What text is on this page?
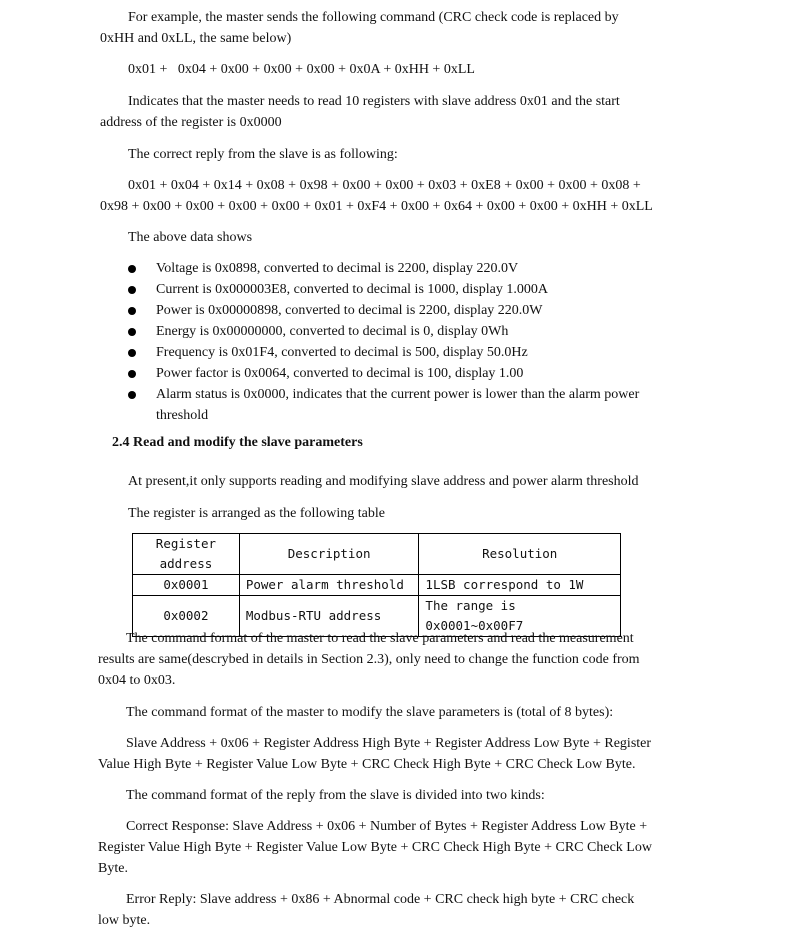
For example, the master sends the following command (CRC check code is replaced by

0xHH and 0xLL, the same below)

0x01 +   0x04 + 0x00 + 0x00 + 0x00 + 0x0A + 0xHH + 0xLL

Indicates that the master needs to read 10 registers with slave address 0x01 and the start

address of the register is 0x0000

The correct reply from the slave is as following:

0x01 + 0x04 + 0x14 + 0x08 + 0x98 + 0x00 + 0x00 + 0x03 + 0xE8 + 0x00 + 0x00 + 0x08 +

0x98 + 0x00 + 0x00 + 0x00 + 0x00 + 0x01 + 0xF4 + 0x00 + 0x64 + 0x00 + 0x00 + 0xHH + 0xLL

The above data shows

Voltage is 0x0898, converted to decimal is 2200, display 220.0V

Current is 0x000003E8, converted to decimal is 1000, display 1.000A

Power is 0x00000898, converted to decimal is 2200, display 220.0W

Energy is 0x00000000, converted to decimal is 0, display 0Wh

Frequency is 0x01F4, converted to decimal is 500, display 50.0Hz

Power factor is 0x0064, converted to decimal is 100, display 1.00

Alarm status is 0x0000, indicates that the current power is lower than the alarm power

threshold

2.4 Read and modify the slave parameters

At present,it only supports reading and modifying slave address and power alarm threshold

The register is arranged as the following table

Register
address	Description	Resolution
0x0001	Power alarm threshold	1LSB correspond to 1W
0x0002	Modbus-RTU address	The range is 0x0001~0x00F7

The command format of the master to read the slave parameters and read the measurement

results are same(descrybed in details in Section 2.3), only need to change the function code from

0x04 to 0x03.

The command format of the master to modify the slave parameters is (total of 8 bytes):

Slave Address + 0x06 + Register Address High Byte + Register Address Low Byte + Register

Value High Byte + Register Value Low Byte + CRC Check High Byte + CRC Check Low Byte.

The command format of the reply from the slave is divided into two kinds:

Correct Response: Slave Address + 0x06 + Number of Bytes + Register Address Low Byte +

Register Value High Byte + Register Value Low Byte + CRC Check High Byte + CRC Check Low

Byte.

Error Reply: Slave address + 0x86 + Abnormal code + CRC check high byte + CRC check

low byte.
